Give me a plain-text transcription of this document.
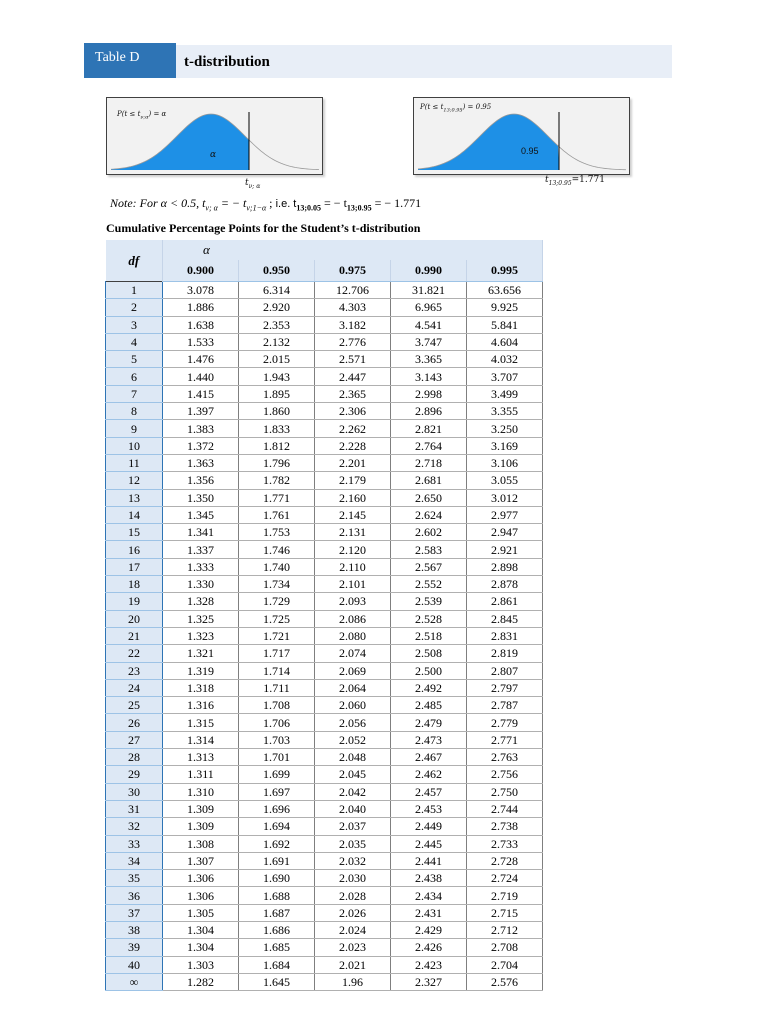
Table D	t-distribution
$P(t \le t_{\nu;\alpha}) = \alpha$
α
$t_{\nu; \alpha}$
$P(t \le t_{13;0.95}) = 0.95$
0.95
$t_{13;0.95}=1.771$
Note: For α < 0.5, $t_{\nu; \alpha}$ = − $t_{\nu;1-\alpha}$ ; i.e. $t_{13;0.05}$ = − $t_{13;0.95}$ = − 1.771
Cumulative Percentage Points for the Student’s t-distribution
df	α				
	0.900	0.950	0.975	0.990	0.995
1	3.078	6.314	12.706	31.821	63.656
2	1.886	2.920	4.303	6.965	9.925
3	1.638	2.353	3.182	4.541	5.841
4	1.533	2.132	2.776	3.747	4.604
5	1.476	2.015	2.571	3.365	4.032
6	1.440	1.943	2.447	3.143	3.707
7	1.415	1.895	2.365	2.998	3.499
8	1.397	1.860	2.306	2.896	3.355
9	1.383	1.833	2.262	2.821	3.250
10	1.372	1.812	2.228	2.764	3.169
11	1.363	1.796	2.201	2.718	3.106
12	1.356	1.782	2.179	2.681	3.055
13	1.350	1.771	2.160	2.650	3.012
14	1.345	1.761	2.145	2.624	2.977
15	1.341	1.753	2.131	2.602	2.947
16	1.337	1.746	2.120	2.583	2.921
17	1.333	1.740	2.110	2.567	2.898
18	1.330	1.734	2.101	2.552	2.878
19	1.328	1.729	2.093	2.539	2.861
20	1.325	1.725	2.086	2.528	2.845
21	1.323	1.721	2.080	2.518	2.831
22	1.321	1.717	2.074	2.508	2.819
23	1.319	1.714	2.069	2.500	2.807
24	1.318	1.711	2.064	2.492	2.797
25	1.316	1.708	2.060	2.485	2.787
26	1.315	1.706	2.056	2.479	2.779
27	1.314	1.703	2.052	2.473	2.771
28	1.313	1.701	2.048	2.467	2.763
29	1.311	1.699	2.045	2.462	2.756
30	1.310	1.697	2.042	2.457	2.750
31	1.309	1.696	2.040	2.453	2.744
32	1.309	1.694	2.037	2.449	2.738
33	1.308	1.692	2.035	2.445	2.733
34	1.307	1.691	2.032	2.441	2.728
35	1.306	1.690	2.030	2.438	2.724
36	1.306	1.688	2.028	2.434	2.719
37	1.305	1.687	2.026	2.431	2.715
38	1.304	1.686	2.024	2.429	2.712
39	1.304	1.685	2.023	2.426	2.708
40	1.303	1.684	2.021	2.423	2.704
∞	1.282	1.645	1.96	2.327	2.576
